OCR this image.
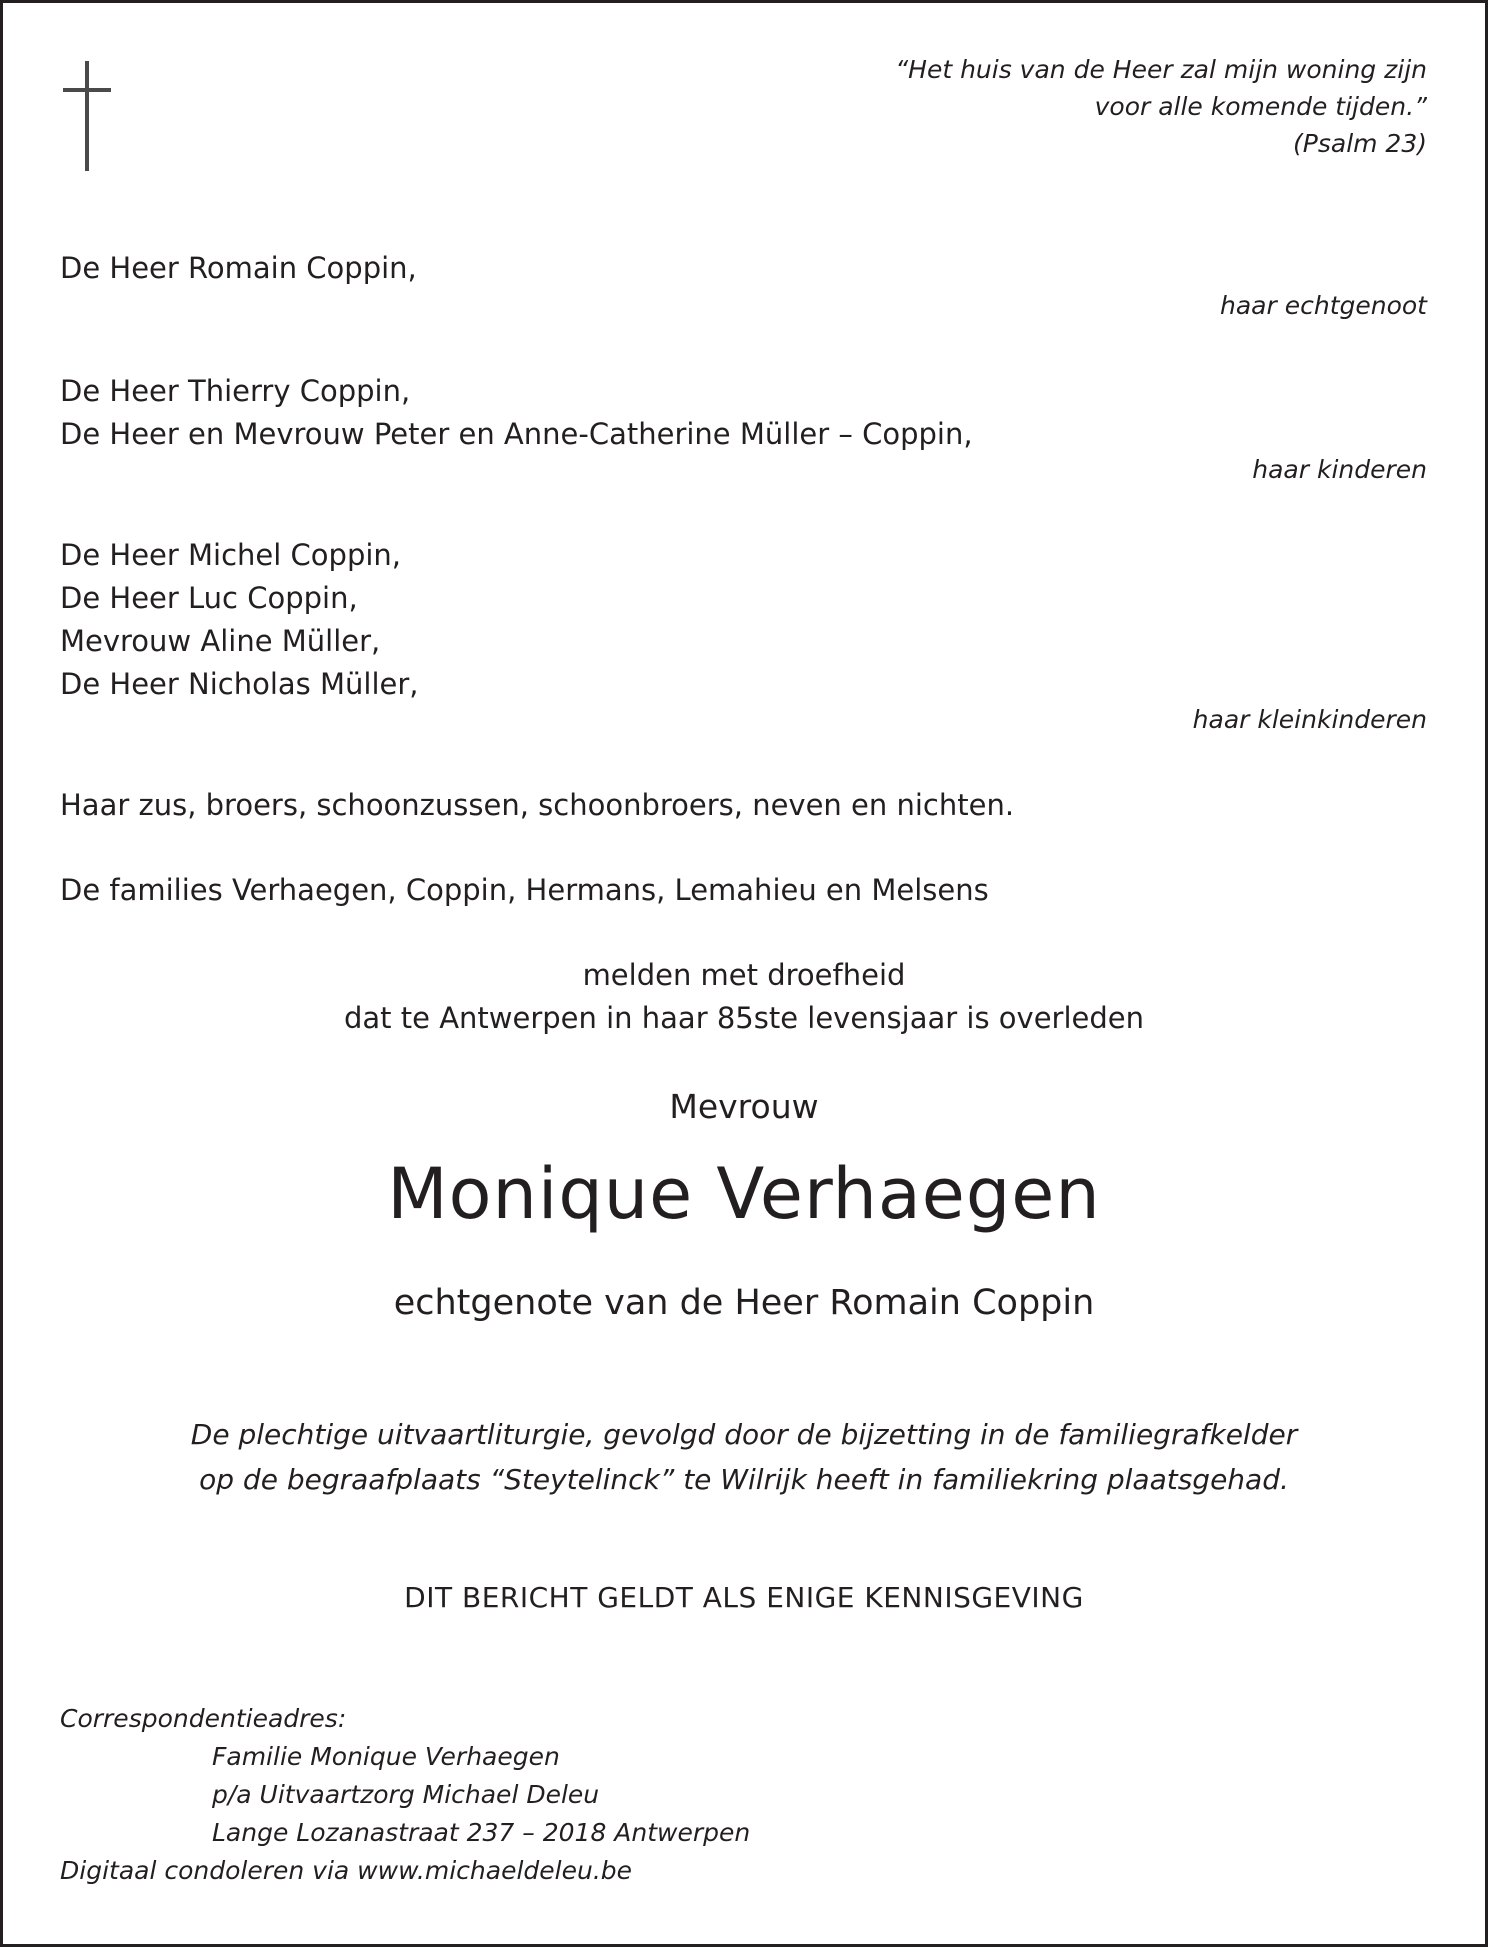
“Het huis van de Heer zal mijn woning zijn
voor alle komende tijden.”
(Psalm 23)
De Heer Romain Coppin,
haar echtgenoot
De Heer Thierry Coppin,
De Heer en Mevrouw Peter en Anne-Catherine Müller – Coppin,
haar kinderen
De Heer Michel Coppin,
De Heer Luc Coppin,
Mevrouw Aline Müller,
De Heer Nicholas Müller,
haar kleinkinderen
Haar zus, broers, schoonzussen, schoonbroers, neven en nichten.
De families Verhaegen, Coppin, Hermans, Lemahieu en Melsens
melden met droefheid
dat te Antwerpen in haar 85ste levensjaar is overleden
Mevrouw
Monique Verhaegen
echtgenote van de Heer Romain Coppin
De plechtige uitvaartliturgie, gevolgd door de bijzetting in de familiegrafkelder
op de begraafplaats “Steytelinck” te Wilrijk heeft in familiekring plaatsgehad.
DIT BERICHT GELDT ALS ENIGE KENNISGEVING
Correspondentieadres:
Familie Monique Verhaegen
p/a Uitvaartzorg Michael Deleu
Lange Lozanastraat 237 – 2018 Antwerpen
Digitaal condoleren via www.michaeldeleu.be
